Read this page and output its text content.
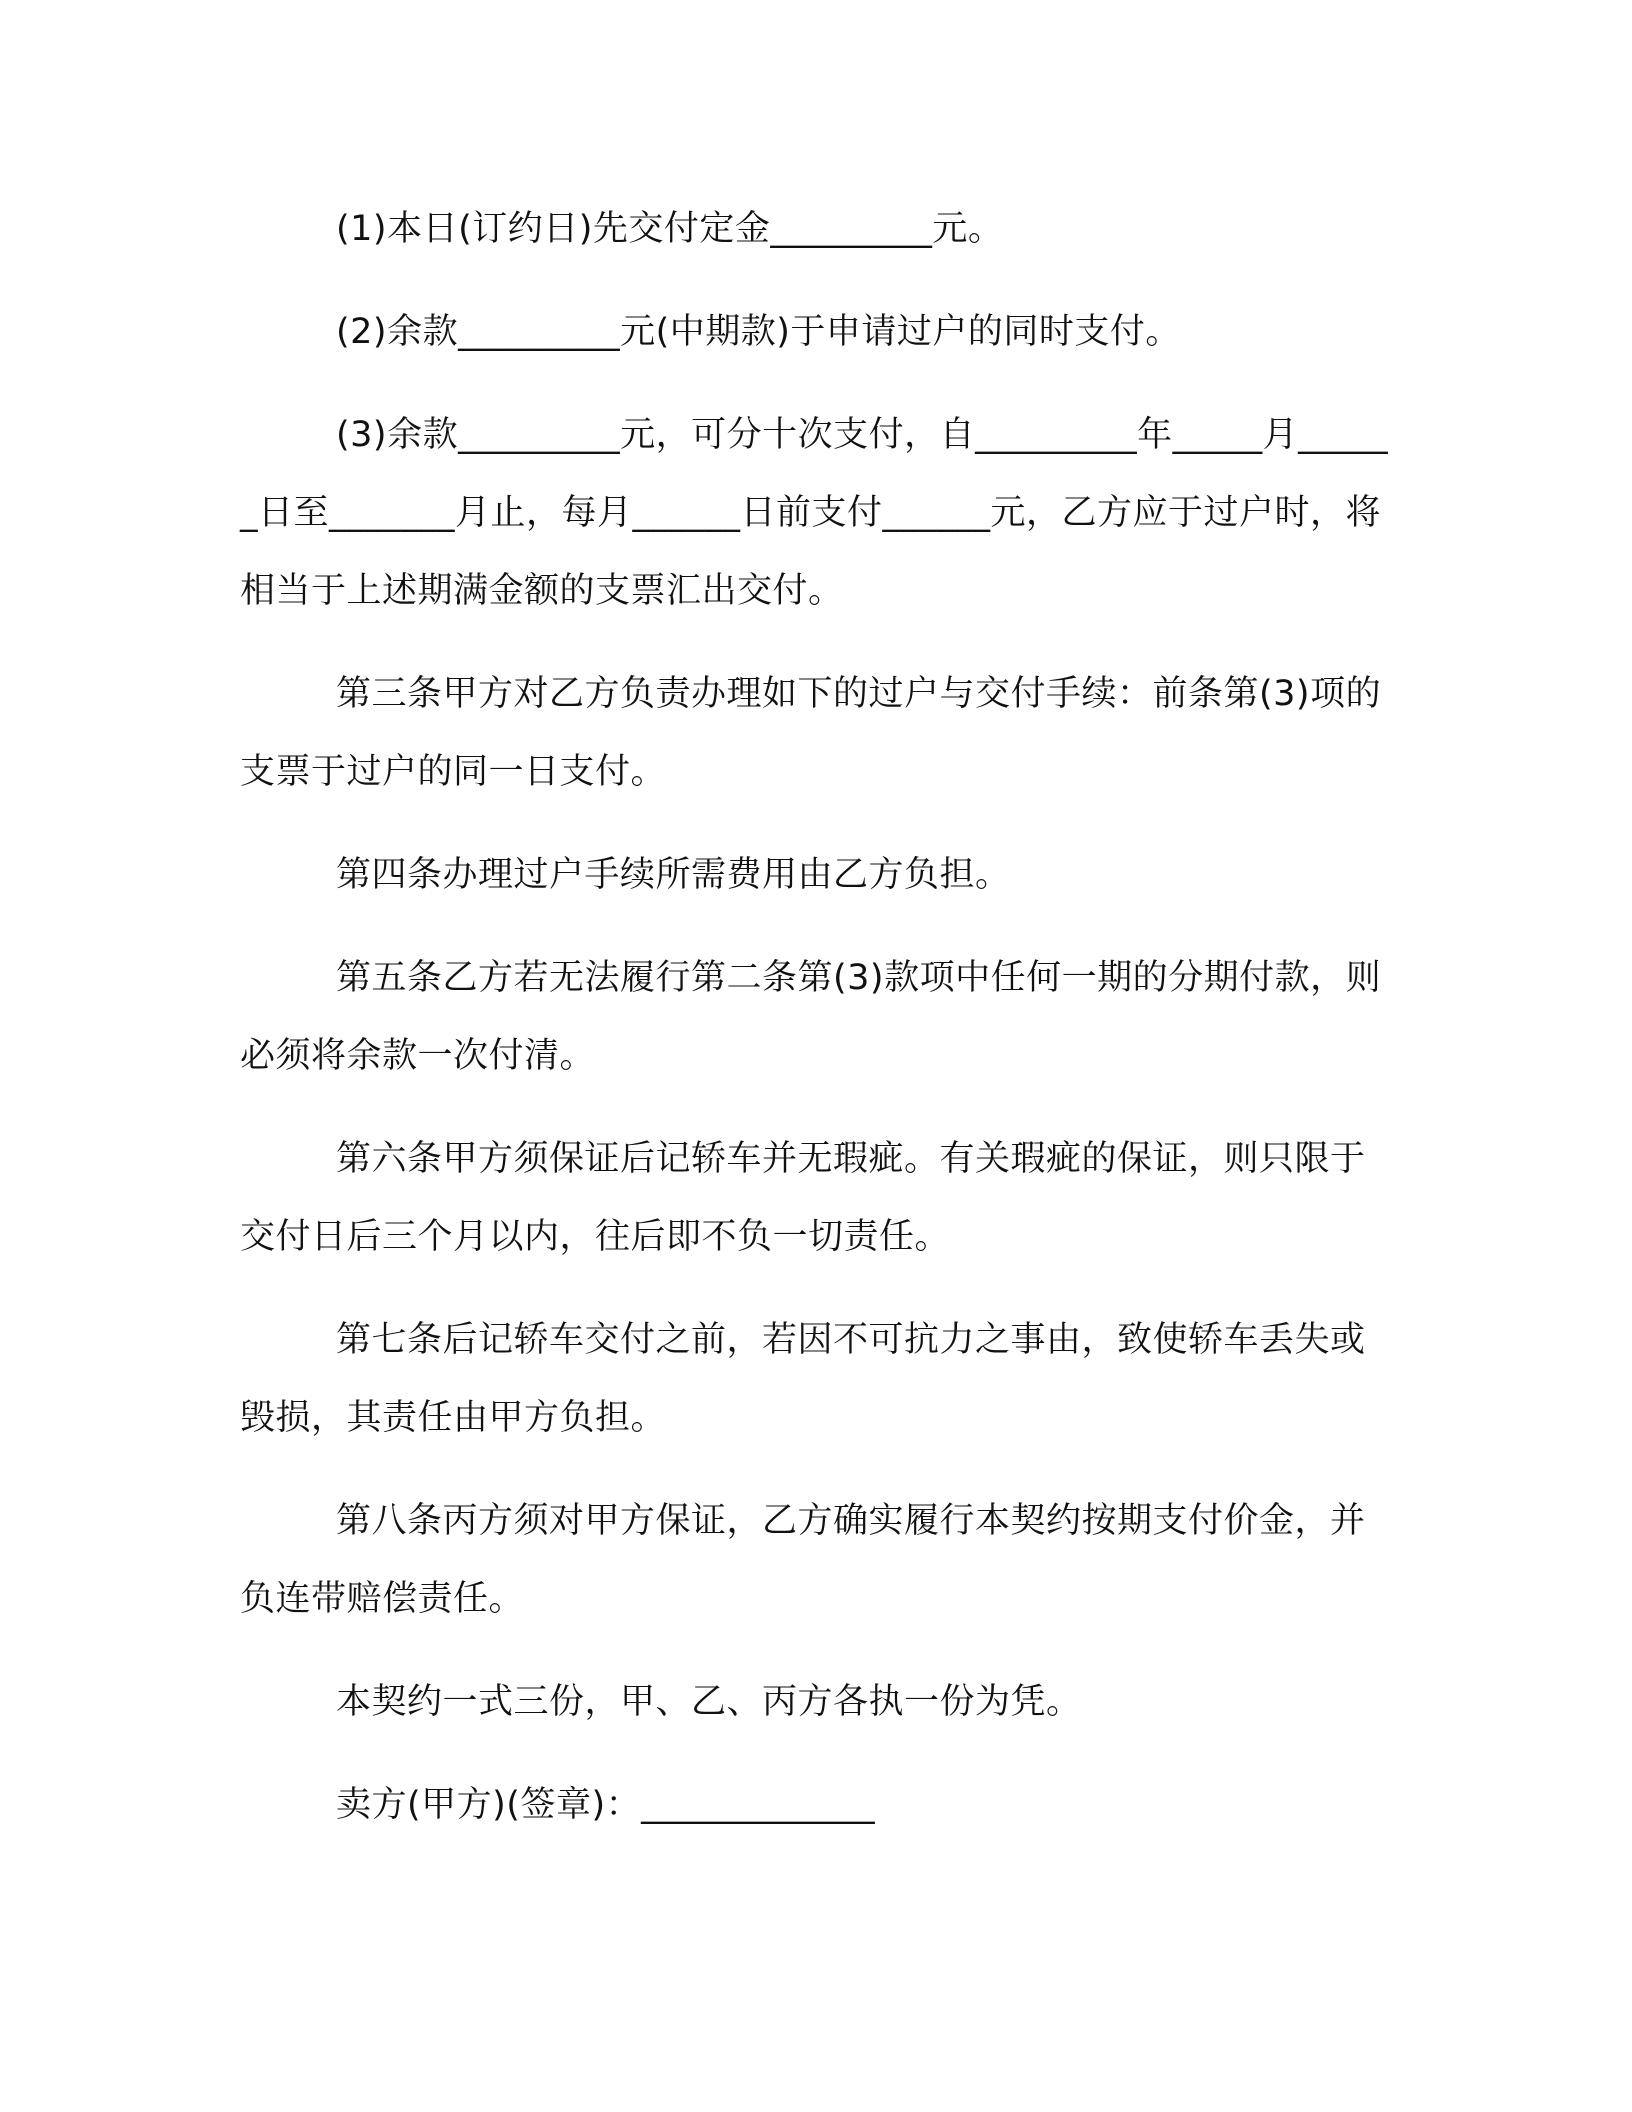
(1)本日(订约日)先交付定金_________元。

(2)余款_________元(中期款)于申请过户的同时支付。

(3)余款_________元，可分十次支付，自_________年_____月______日至_______月止，每月______日前支付______元，乙方应于过户时，将相当于上述期满金额的支票汇出交付。

第三条甲方对乙方负责办理如下的过户与交付手续：前条第(3)项的支票于过户的同一日支付。

第四条办理过户手续所需费用由乙方负担。

第五条乙方若无法履行第二条第(3)款项中任何一期的分期付款，则必须将余款一次付清。

第六条甲方须保证后记轿车并无瑕疵。有关瑕疵的保证，则只限于交付日后三个月以内，往后即不负一切责任。

第七条后记轿车交付之前，若因不可抗力之事由，致使轿车丢失或毁损，其责任由甲方负担。

第八条丙方须对甲方保证，乙方确实履行本契约按期支付价金，并负连带赔偿责任。

本契约一式三份，甲、乙、丙方各执一份为凭。

卖方(甲方)(签章)：_____________
